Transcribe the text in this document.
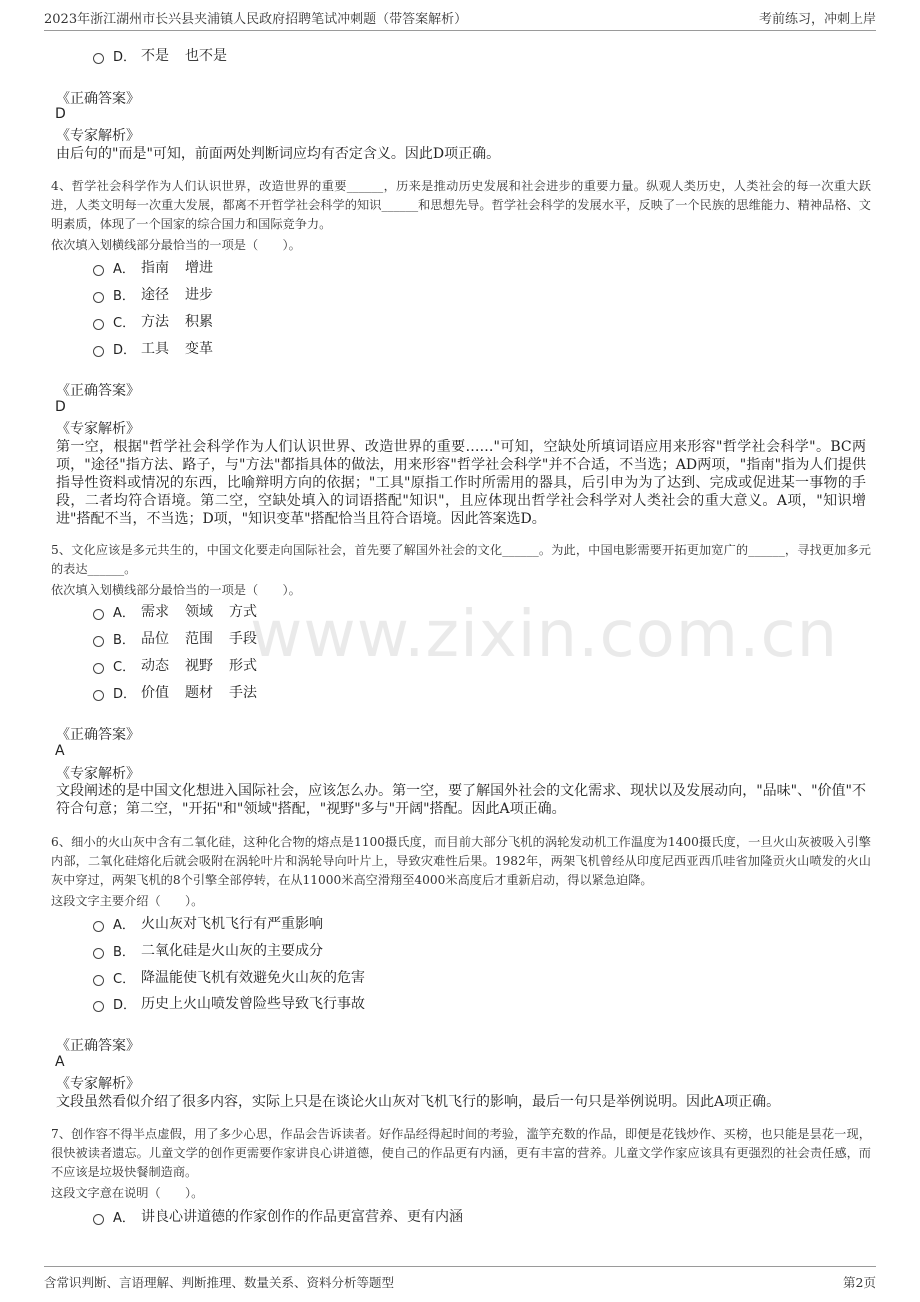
2023年浙江湖州市长兴县夹浦镇人民政府招聘笔试冲刺题（带答案解析）	考前练习，冲刺上岸
www.zixin.com.cn
D． 不是 也不是
《正确答案》
D
《专家解析》
由后句的"而是"可知，前面两处判断词应均有否定含义。因此D项正确。
4、哲学社会科学作为人们认识世界，改造世界的重要______，历来是推动历史发展和社会进步的重要力量。纵观人类历史，人类社会的每一次重大跃进，人类文明每一次重大发展，都离不开哲学社会科学的知识______和思想先导。哲学社会科学的发展水平，反映了一个民族的思维能力、精神品格、文明素质，体现了一个国家的综合国力和国际竞争力。
依次填入划横线部分最恰当的一项是（　　）。
A． 指南 增进
B． 途径 进步
C． 方法 积累
D． 工具 变革
《正确答案》
D
《专家解析》
第一空，根据"哲学社会科学作为人们认识世界、改造世界的重要……"可知，空缺处所填词语应用来形容"哲学社会科学"。BC两项，"途径"指方法、路子，与"方法"都指具体的做法，用来形容"哲学社会科学"并不合适，不当选；AD两项，"指南"指为人们提供指导性资料或情况的东西，比喻辩明方向的依据；"工具"原指工作时所需用的器具，后引申为为了达到、完成或促进某一事物的手段，二者均符合语境。第二空，空缺处填入的词语搭配"知识"，且应体现出哲学社会科学对人类社会的重大意义。A项，"知识增进"搭配不当，不当选；D项，"知识变革"搭配恰当且符合语境。因此答案选D。
5、文化应该是多元共生的，中国文化要走向国际社会，首先要了解国外社会的文化______。为此，中国电影需要开拓更加宽广的______，寻找更加多元的表达______。
依次填入划横线部分最恰当的一项是（　　）。
A． 需求 领域 方式
B． 品位 范围 手段
C． 动态 视野 形式
D． 价值 题材 手法
《正确答案》
A
《专家解析》
文段阐述的是中国文化想进入国际社会，应该怎么办。第一空，要了解国外社会的文化需求、现状以及发展动向，"品味"、"价值"不符合句意；第二空，"开拓"和"领域"搭配，"视野"多与"开阔"搭配。因此A项正确。
6、细小的火山灰中含有二氧化硅，这种化合物的熔点是1100摄氏度，而目前大部分飞机的涡轮发动机工作温度为1400摄氏度，一旦火山灰被吸入引擎内部，二氧化硅熔化后就会吸附在涡轮叶片和涡轮导向叶片上，导致灾难性后果。1982年，两架飞机曾经从印度尼西亚西爪哇省加隆贡火山喷发的火山灰中穿过，两架飞机的8个引擎全部停转，在从11000米高空滑翔至4000米高度后才重新启动，得以紧急迫降。
这段文字主要介绍（　　）。
A． 火山灰对飞机飞行有严重影响
B． 二氧化硅是火山灰的主要成分
C． 降温能使飞机有效避免火山灰的危害
D． 历史上火山喷发曾险些导致飞行事故
《正确答案》
A
《专家解析》
文段虽然看似介绍了很多内容，实际上只是在谈论火山灰对飞机飞行的影响，最后一句只是举例说明。因此A项正确。
7、创作容不得半点虚假，用了多少心思，作品会告诉读者。好作品经得起时间的考验，滥竽充数的作品，即便是花钱炒作、买榜，也只能是昙花一现，很快被读者遗忘。儿童文学的创作更需要作家讲良心讲道德，使自己的作品更有内涵，更有丰富的营养。儿童文学作家应该具有更强烈的社会责任感，而不应该是垃圾快餐制造商。
这段文字意在说明（　　）。
A． 讲良心讲道德的作家创作的作品更富营养、更有内涵
含常识判断、言语理解、判断推理、数量关系、资料分析等题型	第2页
